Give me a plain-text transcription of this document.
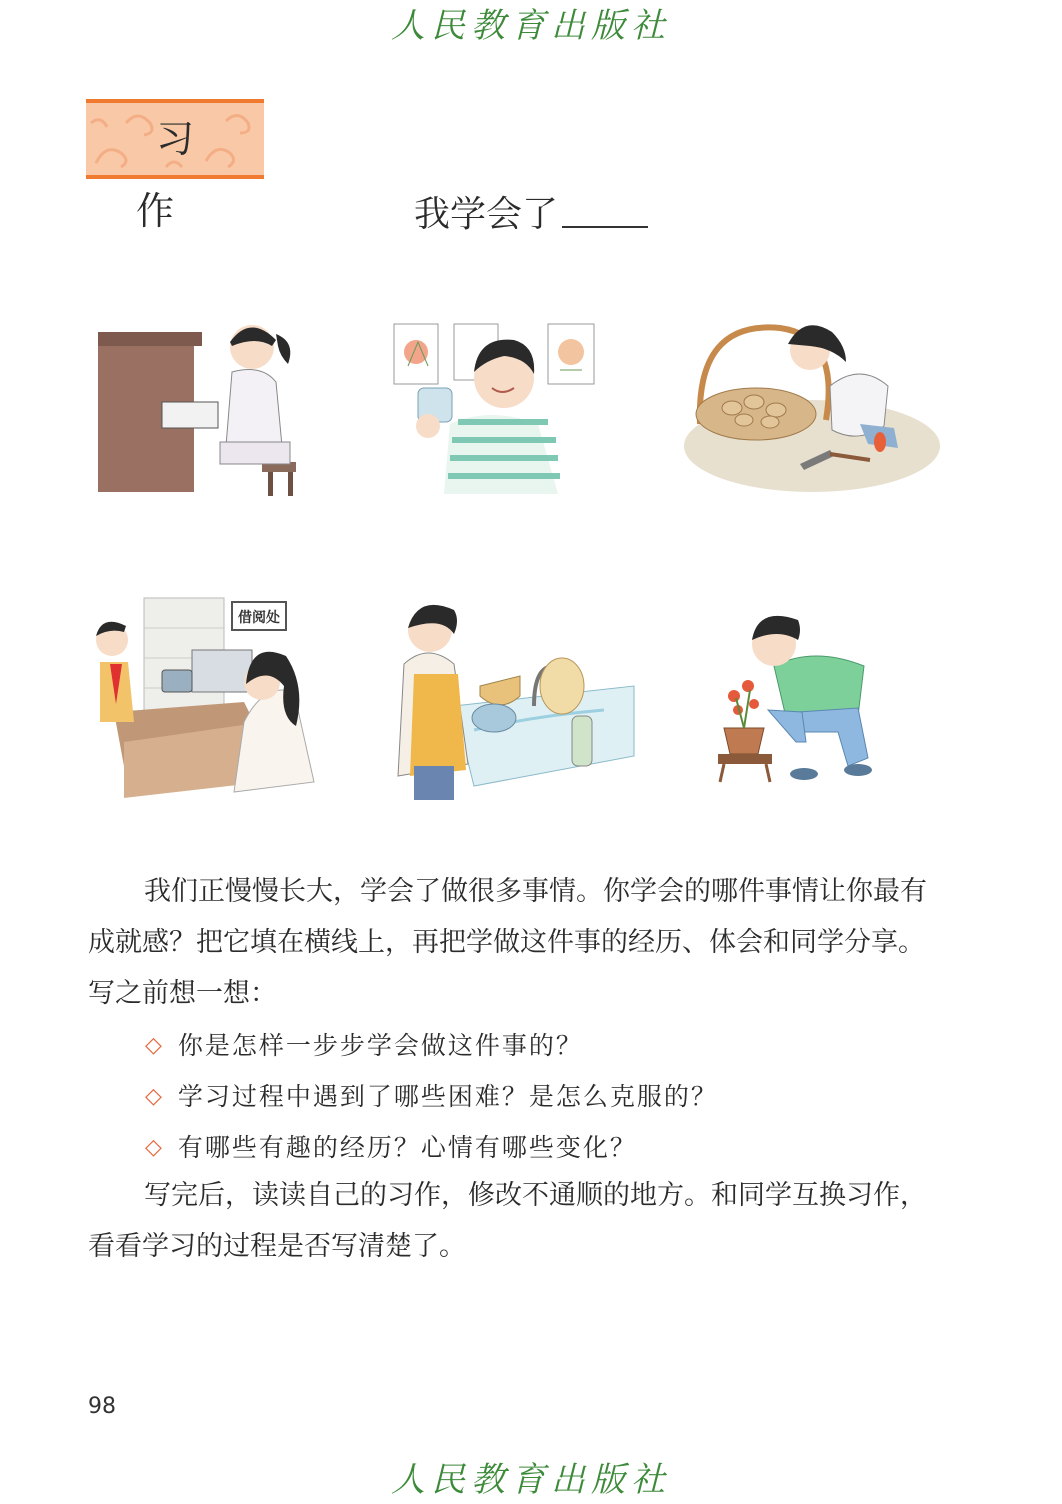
人民教育出版社
习作	我学会了
借阅处

我们正慢慢长大，学会了做很多事情。你学会的哪件事情让你最有成就感？把它填在横线上，再把学做这件事的经历、体会和同学分享。写之前想一想：

◇ 你是怎样一步步学会做这件事的？
◇ 学习过程中遇到了哪些困难？是怎么克服的？
◇ 有哪些有趣的经历？心情有哪些变化？

写完后，读读自己的习作，修改不通顺的地方。和同学互换习作，看看学习的过程是否写清楚了。

98
人民教育出版社
